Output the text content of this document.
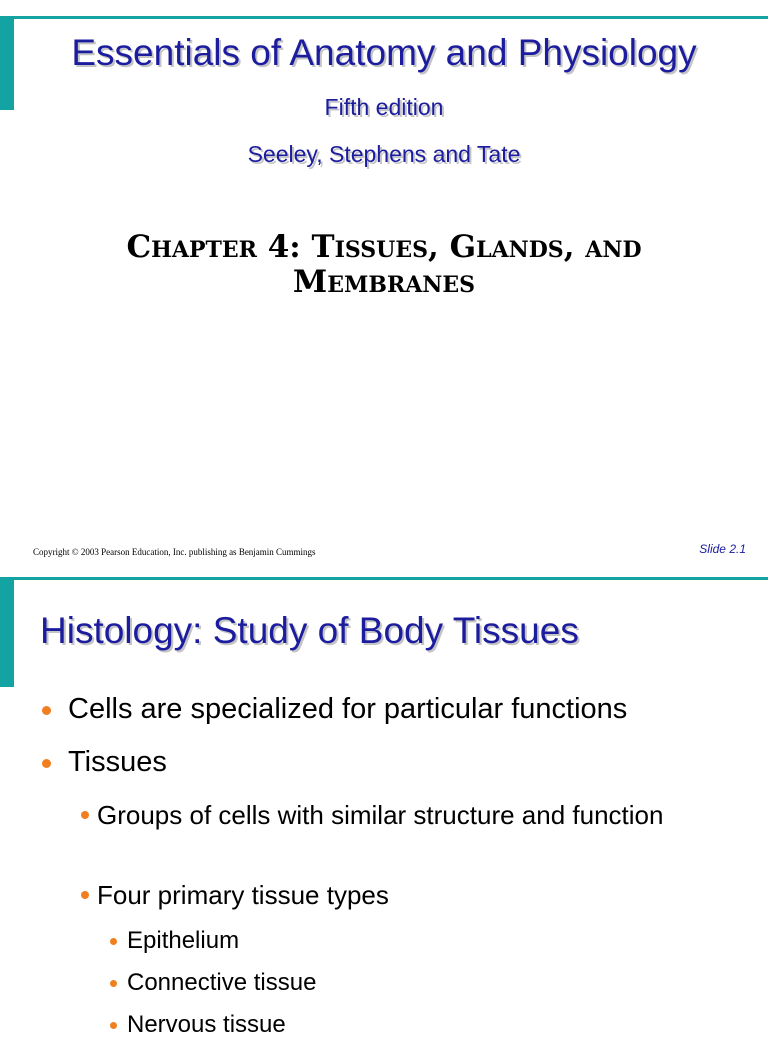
Essentials of Anatomy and Physiology
Fifth edition
Seeley, Stephens and Tate
Chapter 4: Tissues, Glands, and Membranes
Copyright © 2003 Pearson Education, Inc. publishing as Benjamin Cummings	Slide 2.1
Histology: Study of Body Tissues
Cells are specialized for particular functions
Tissues
Groups of cells with similar structure and function
Four primary tissue types
Epithelium
Connective tissue
Nervous tissue
